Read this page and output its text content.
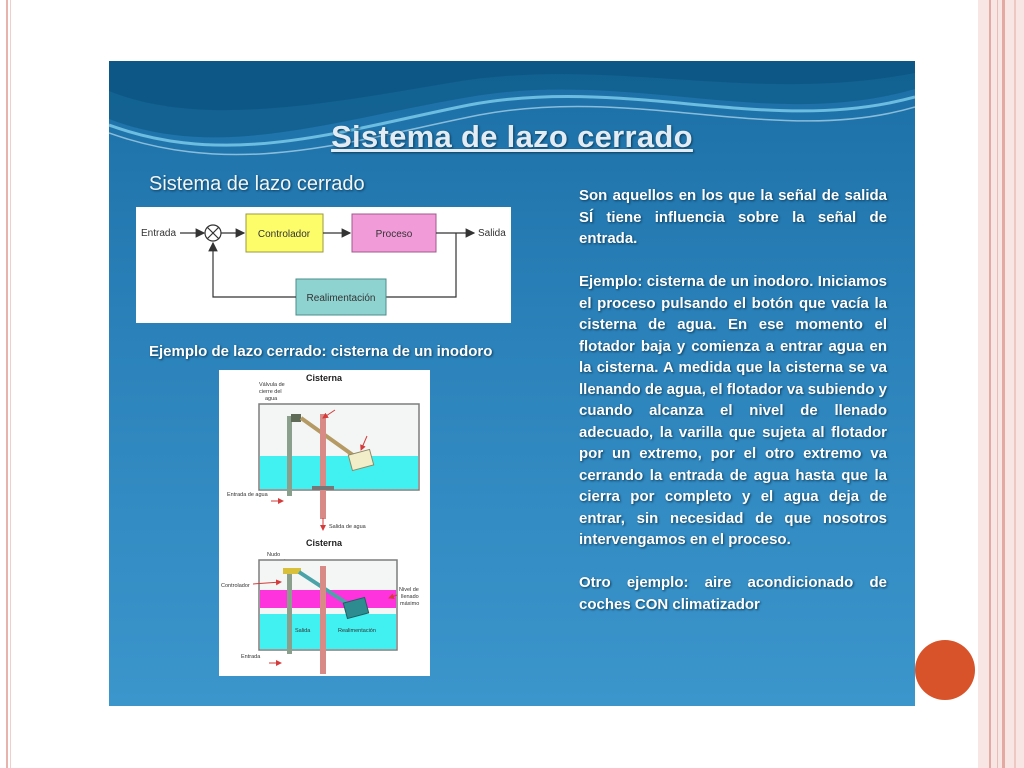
Sistema de lazo cerrado
Sistema de lazo cerrado
Entrada	Controlador	Proceso	Salida
Realimentación
Ejemplo de lazo cerrado: cisterna de un inodoro
Cisterna
Válvula de
cierre del
agua
Entrada de agua
Salida de agua
Cisterna
Nudo
Controlador
Nivel de
llenado
máximo
Salida	Realimentación
Entrada

Son aquellos en los que la señal de salida SÍ tiene influencia sobre la señal de entrada.

Ejemplo: cisterna de un inodoro. Iniciamos el proceso pulsando el botón que vacía la cisterna de agua. En ese momento el flotador baja y comienza a entrar agua en la cisterna. A medida que la cisterna se va llenando de agua, el flotador va subiendo y cuando alcanza el nivel de llenado adecuado, la varilla que sujeta al flotador por un extremo, por el otro extremo va cerrando la entrada de agua hasta que la cierra por completo y el agua deja de entrar, sin necesidad de que nosotros intervengamos en el proceso.

Otro ejemplo: aire acondicionado de coches CON climatizador
